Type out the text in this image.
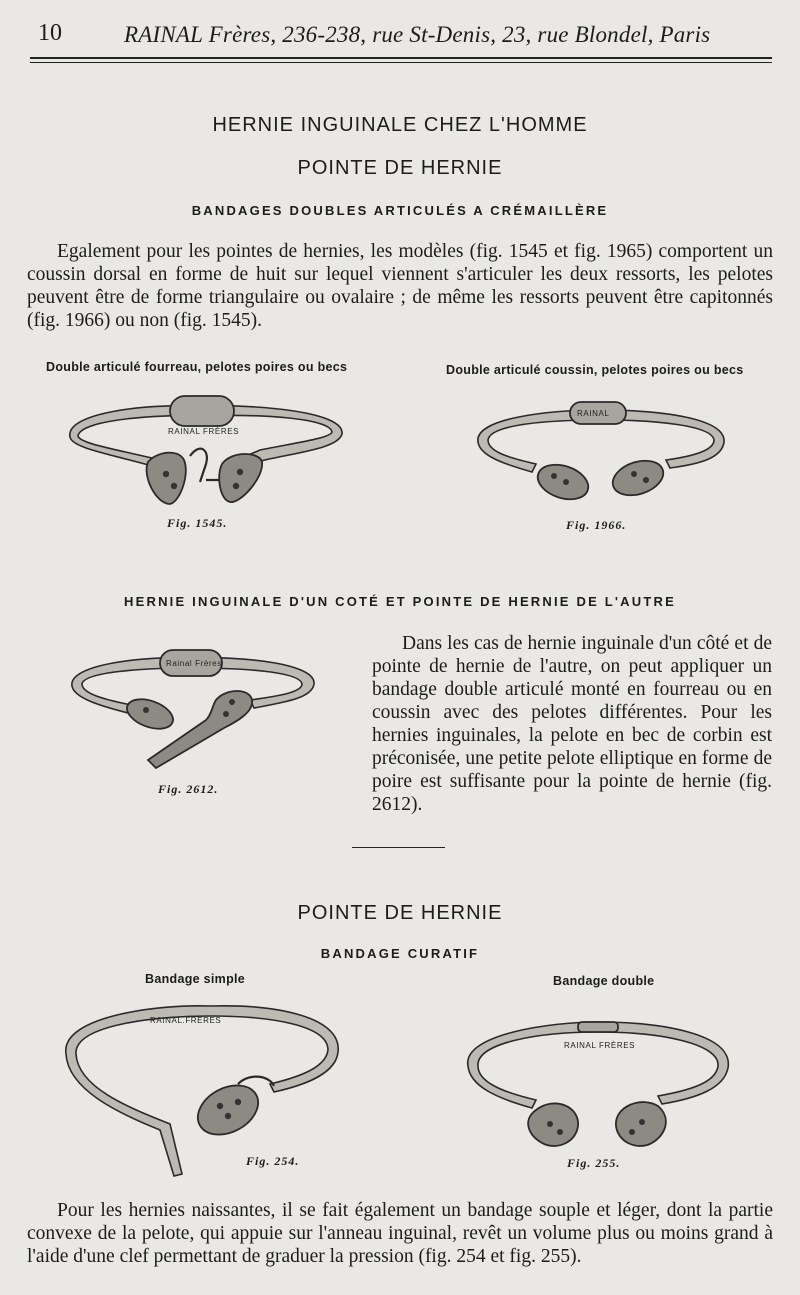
10	RAINAL Frères, 236-238, rue St-Denis, 23, rue Blondel, Paris
HERNIE INGUINALE CHEZ L'HOMME
POINTE DE HERNIE
BANDAGES DOUBLES ARTICULÉS A CRÉMAILLÈRE
Egalement pour les pointes de hernies, les modèles (fig. 1545 et fig. 1965) comportent un coussin dorsal en forme de huit sur lequel viennent s'articuler les deux ressorts, les pelotes peuvent être de forme triangulaire ou ovalaire ; de même les ressorts peuvent être capitonnés (fig. 1966) ou non (fig. 1545).
Double articulé fourreau, pelotes poires ou becs	Double articulé coussin, pelotes poires ou becs
RAINAL FRÈRES
Fig. 1545.
RAINAL
Fig. 1966.
HERNIE INGUINALE D'UN COTÉ ET POINTE DE HERNIE DE L'AUTRE
Rainal Frères
Fig. 2612.
Dans les cas de hernie inguinale d'un côté et de pointe de hernie de l'autre, on peut appliquer un bandage double articulé monté en fourreau ou en coussin avec des pelotes différentes. Pour les hernies inguinales, la pelote en bec de corbin est préconisée, une petite pelote elliptique en forme de poire est suffisante pour la pointe de hernie (fig. 2612).
POINTE DE HERNIE
BANDAGE CURATIF
Bandage simple	Bandage double
RAINAL.FRÈRES
Fig. 254.
RAINAL FRÈRES
Fig. 255.
Pour les hernies naissantes, il se fait également un bandage souple et léger, dont la partie convexe de la pelote, qui appuie sur l'anneau inguinal, revêt un volume plus ou moins grand à l'aide d'une clef permettant de graduer la pression (fig. 254 et fig. 255).
